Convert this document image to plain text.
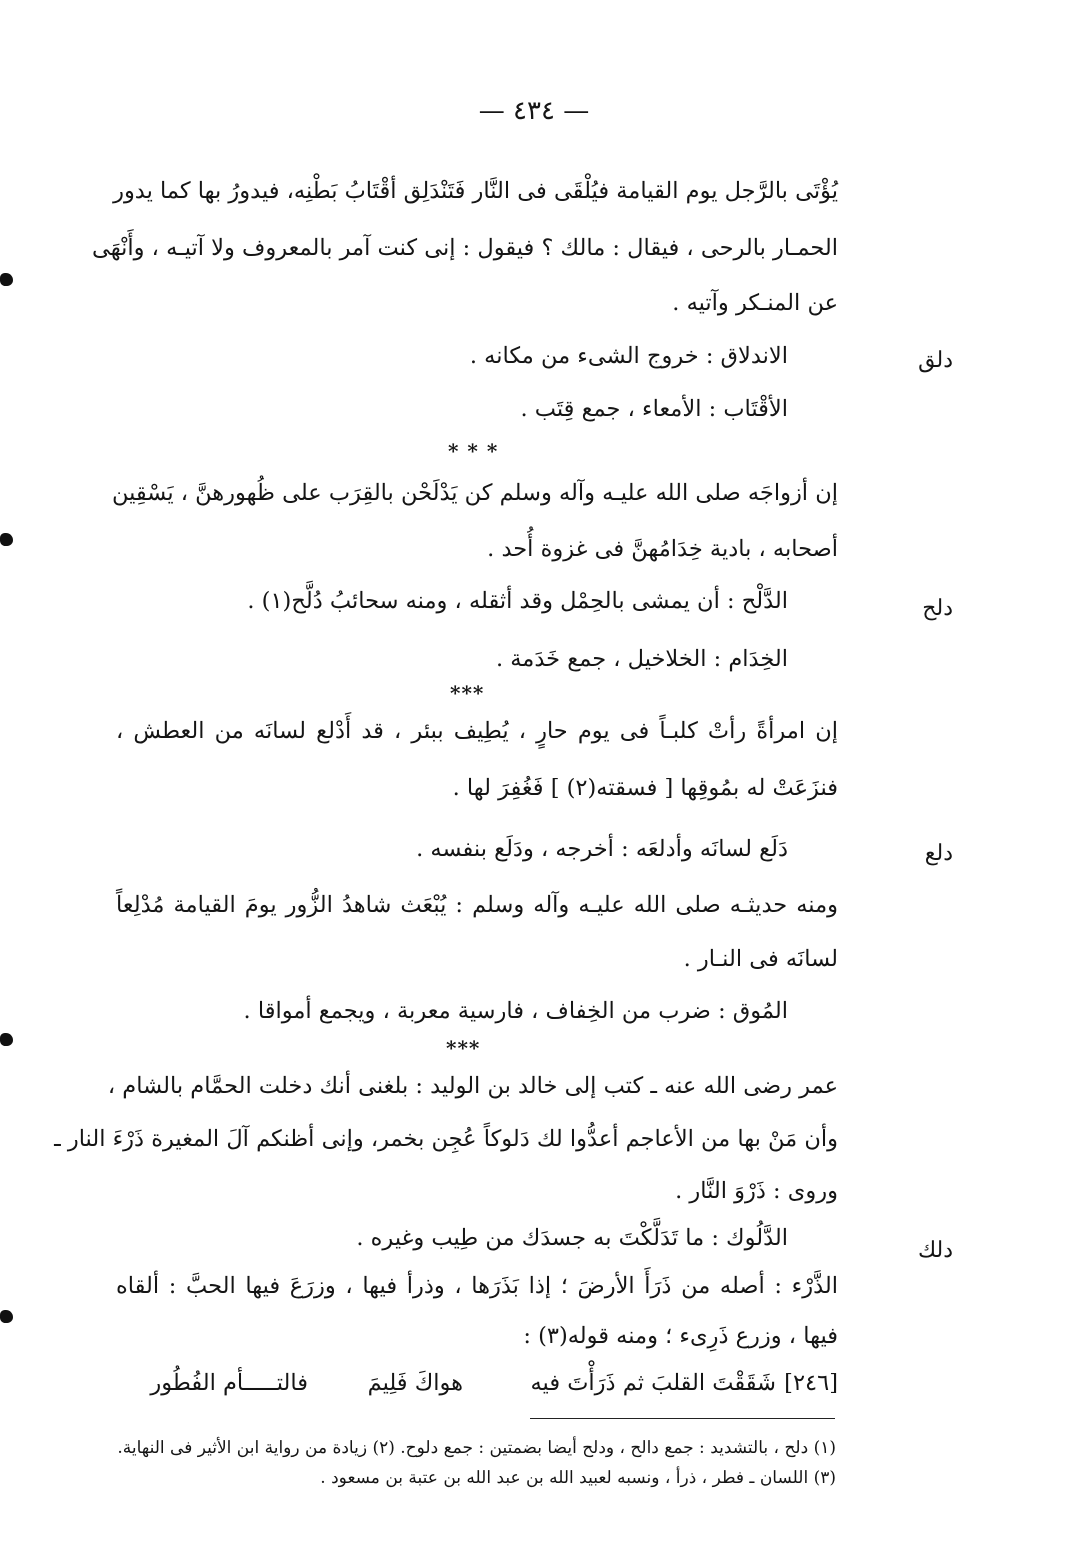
— ٤٣٤ —
يُؤْتَى بالرَّجل يوم القيامة فيُلْقَى فى النَّار فَتَنْدَلِق أقْتَابُ بَطْنِه، فيدورُ بها كما يدور
الحمـار بالرحى ، فيقال : مالك ؟ فيقول : إنى كنت آمر بالمعروف ولا آتيـه ، وأَنْهَى
عن المنـكر وآتيه .
دلق
الاندلاق : خروج الشىء من مكانه .
الأقْتَاب : الأمعاء ، جمع قِتَب .
* * *
إن أزواجَه صلى الله عليـه وآله وسلم كن يَدْلَحْن بالقِرَب على ظُهورهنَّ ، يَسْقِين
أصحابه ، بادية خِدَامُهنَّ فى غزوة أُحد .
دلح
الدَّلْح : أن يمشى بالحِمْل وقد أثقله ، ومنه سحائبُ دُلَّح(١) .
الخِدَام : الخلاخيل ، جمع خَدَمة .
***
إن امرأةً رأتْ كلبـاً فى يوم حارٍ ، يُطِيف ببئر ، قد أَدْلع لسانَه من العطش ،
فنزَعَتْ له بمُوقِها [ فسقته(٢) ] فَغُفِرَ لها .
دلع
دَلَع لسانَه وأدلعَه : أخرجه ، ودَلَع بنفسه .
ومنه حديثـه صلى الله عليـه وآله وسلم : يُبْعَث شاهدُ الزُّور يومَ القيامة مُدْلِعاً
لسانَه فى النـار .
المُوق : ضرب من الخِفاف ، فارسية معربة ، ويجمع أمواقا .
***
عمر رضى الله عنه ـ كتب إلى خالد بن الوليد : بلغنى أنك دخلت الحمَّام بالشام ،
وأن مَنْ بها من الأعاجم أعدُّوا لك دَلوكاً عُجِن بخمر، وإنى أظنكم آلَ المغيرة ذَرْءَ النار ـ
وروى : ذَرْوَ النَّار .
دلك
الدَّلُوك : ما تَدَلَّكْتَ به جسدَك من طِيب وغيره .
الذَّرْء : أصله من ذَرَأَ الأرضَ ؛ إذا بَذَرَها ، وذرأ فيها ، وزرَعَ فيها الحبَّ : ألقاه
فيها ، وزرع ذَرِىء ؛ ومنه قوله(٣) :
[٢٤٦]
شَقَقْتَ القلبَ ثم ذَرَأْتَ فيه
هواكَ فَلِيمَ
فالتـــــأم الفُطُور
(١) دلح ، بالتشديد : جمع دالح ، ودلح أيضا بضمتين : جمع دلوح. (٢) زيادة من رواية ابن الأثير فى النهاية.
(٣) اللسان ـ فطر ، ذرأ ، ونسبه لعبيد الله بن عبد الله بن عتبة بن مسعود .
